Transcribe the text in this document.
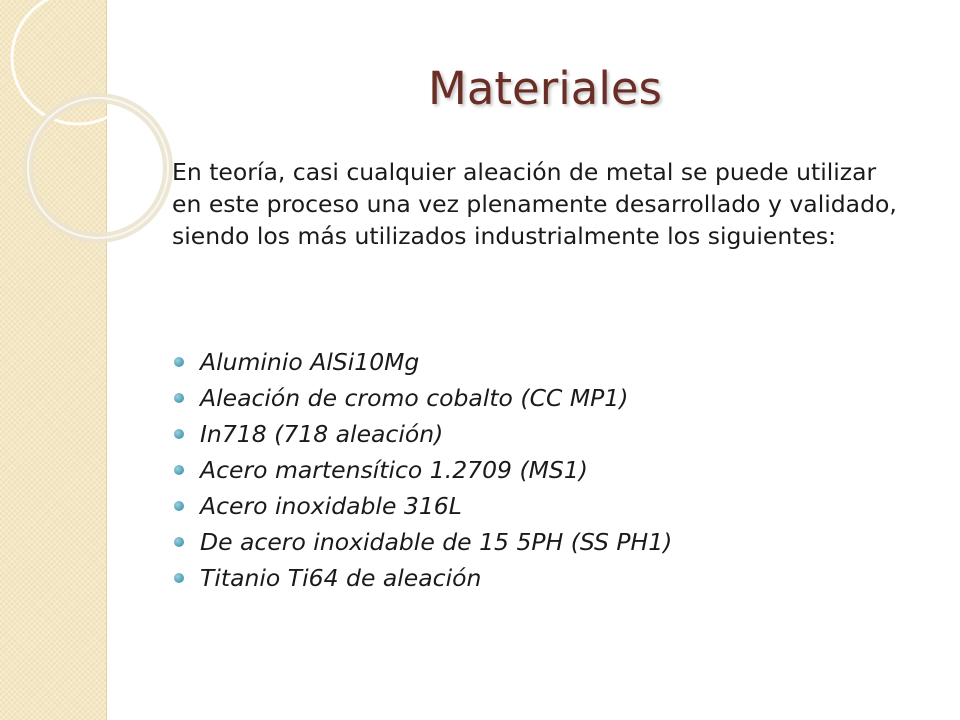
Materiales

En teoría, casi cualquier aleación de metal se puede utilizar en este proceso una vez plenamente desarrollado y validado, siendo los más utilizados industrialmente los siguientes:

Aluminio AlSi10Mg
Aleación de cromo cobalto (CC MP1)
In718 (718 aleación)
Acero martensítico 1.2709 (MS1)
Acero inoxidable 316L
De acero inoxidable de 15 5PH (SS PH1)
Titanio Ti64 de aleación
